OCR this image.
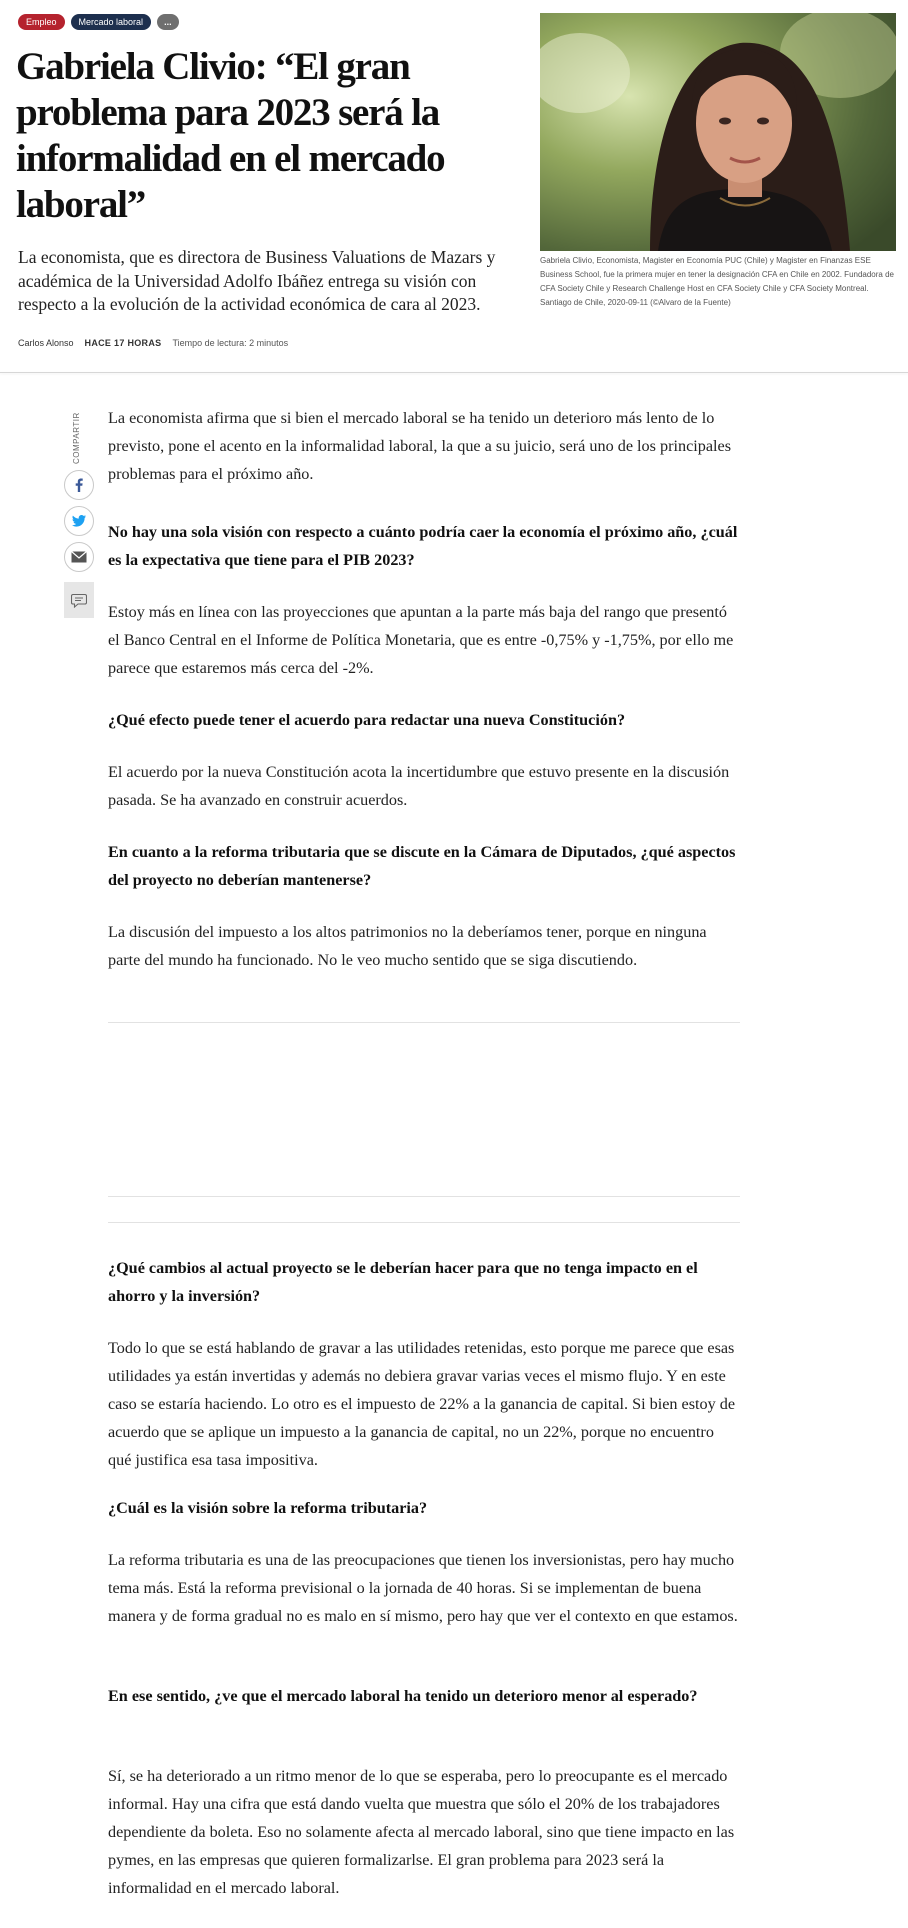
Empleo	Mercado laboral	...
Gabriela Clivio: “El gran problema para 2023 será la informalidad en el mercado laboral”

La economista, que es directora de Business Valuations de Mazars y académica de la Universidad Adolfo Ibáñez entrega su visión con respecto a la evolución de la actividad económica de cara al 2023.

Carlos Alonso HACE 17 HORAS Tiempo de lectura: 2 minutos

Gabriela Clivio, Economista, Magister en Economía PUC (Chile) y Magister en Finanzas ESE Business School, fue la primera mujer en tener la designación CFA en Chile en 2002. Fundadora de CFA Society Chile y Research Challenge Host en CFA Society Chile y CFA Society Montreal. Santiago de Chile, 2020-09-11 (©Alvaro de la Fuente)

COMPARTIR	La economista afirma que si bien el mercado laboral se ha tenido un deterioro más lento de lo previsto, pone el acento en la informalidad laboral, la que a su juicio, será uno de los principales problemas para el próximo año.

No hay una sola visión con respecto a cuánto podría caer la economía el próximo año, ¿cuál es la expectativa que tiene para el PIB 2023?

Estoy más en línea con las proyecciones que apuntan a la parte más baja del rango que presentó el Banco Central en el Informe de Política Monetaria, que es entre -0,75% y -1,75%, por ello me parece que estaremos más cerca del -2%.

¿Qué efecto puede tener el acuerdo para redactar una nueva Constitución?

El acuerdo por la nueva Constitución acota la incertidumbre que estuvo presente en la discusión pasada. Se ha avanzado en construir acuerdos.

En cuanto a la reforma tributaria que se discute en la Cámara de Diputados, ¿qué aspectos del proyecto no deberían mantenerse?

La discusión del impuesto a los altos patrimonios no la deberíamos tener, porque en ninguna parte del mundo ha funcionado. No le veo mucho sentido que se siga discutiendo.

¿Qué cambios al actual proyecto se le deberían hacer para que no tenga impacto en el ahorro y la inversión?

Todo lo que se está hablando de gravar a las utilidades retenidas, esto porque me parece que esas utilidades ya están invertidas y además no debiera gravar varias veces el mismo flujo. Y en este caso se estaría haciendo. Lo otro es el impuesto de 22% a la ganancia de capital. Si bien estoy de acuerdo que se aplique un impuesto a la ganancia de capital, no un 22%, porque no encuentro qué justifica esa tasa impositiva.

¿Cuál es la visión sobre la reforma tributaria?

La reforma tributaria es una de las preocupaciones que tienen los inversionistas, pero hay mucho tema más. Está la reforma previsional o la jornada de 40 horas. Si se implementan de buena manera y de forma gradual no es malo en sí mismo, pero hay que ver el contexto en que estamos.

En ese sentido, ¿ve que el mercado laboral ha tenido un deterioro menor al esperado?

Sí, se ha deteriorado a un ritmo menor de lo que se esperaba, pero lo preocupante es el mercado informal. Hay una cifra que está dando vuelta que muestra que sólo el 20% de los trabajadores dependiente da boleta. Eso no solamente afecta al mercado laboral, sino que tiene impacto en las pymes, en las empresas que quieren formalizarlse. El gran problema para 2023 será la informalidad en el mercado laboral.
